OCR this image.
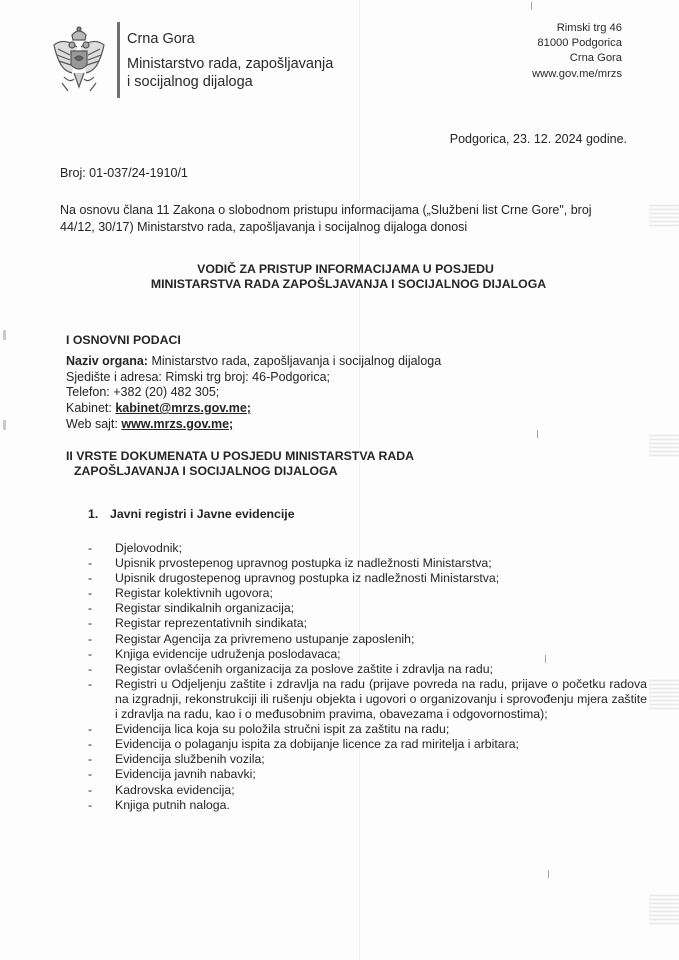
Crna Gora
Ministarstvo rada, zapošljavanja
i socijalnog dijaloga
Rimski trg 46
81000 Podgorica
Crna Gora
www.gov.me/mrzs
Podgorica, 23. 12. 2024 godine.
Broj: 01-037/24-1910/1
Na osnovu člana 11 Zakona o slobodnom pristupu informacijama („Službeni list Crne Gore", broj
44/12, 30/17) Ministarstvo rada, zapošljavanja i socijalnog dijaloga donosi
VODIČ ZA PRISTUP INFORMACIJAMA U POSJEDU
MINISTARSTVA RADA ZAPOŠLJAVANJA I SOCIJALNOG DIJALOGA
I OSNOVNI PODACI
Naziv organa: Ministarstvo rada, zapošljavanja i socijalnog dijaloga
Sjedište i adresa: Rimski trg broj: 46-Podgorica;
Telefon: +382 (20) 482 305;
Kabinet: kabinet@mrzs.gov.me;
Web sajt: www.mrzs.gov.me;
II VRSTE DOKUMENATA U POSJEDU MINISTARSTVA RADA
ZAPOŠLJAVANJA I SOCIJALNOG DIJALOGA
1. Javni registri i Javne evidencije
-	Djelovodnik;
-	Upisnik prvostepenog upravnog postupka iz nadležnosti Ministarstva;
-	Upisnik drugostepenog upravnog postupka iz nadležnosti Ministarstva;
-	Registar kolektivnih ugovora;
-	Registar sindikalnih organizacija;
-	Registar reprezentativnih sindikata;
-	Registar Agencija za privremeno ustupanje zaposlenih;
-	Knjiga evidencije udruženja poslodavaca;
-	Registar ovlašćenih organizacija za poslove zaštite i zdravlja na radu;
-	Registri u Odjeljenju zaštite i zdravlja na radu (prijave povreda na radu, prijave o početku radova na izgradnji, rekonstrukciji ili rušenju objekta i ugovori o organizovanju i sprovođenju mjera zaštite i zdravlja na radu, kao i o međusobnim pravima, obavezama i odgovornostima);
-	Evidencija lica koja su položila stručni ispit za zaštitu na radu;
-	Evidencija o polaganju ispita za dobijanje licence za rad miritelja i arbitara;
-	Evidencija službenih vozila;
-	Evidencija javnih nabavki;
-	Kadrovska evidencija;
-	Knjiga putnih naloga.
